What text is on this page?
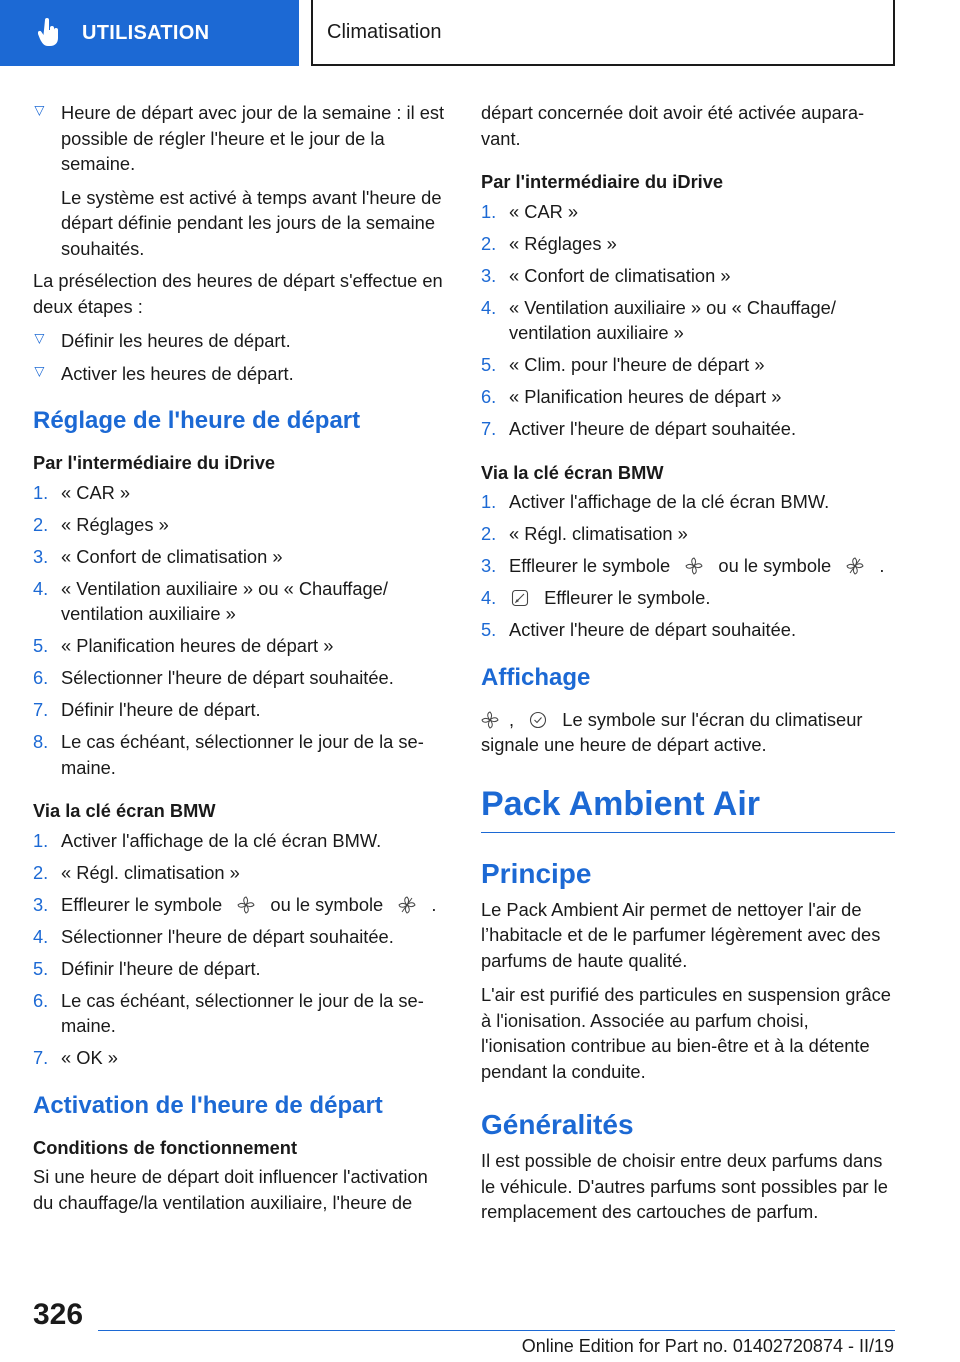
UTILISATION	Climatisation
▷ Heure de départ avec jour de la semaine : il est possible de régler l'heure et le jour de la semaine.
Le système est activé à temps avant l'heure de départ définie pendant les jours de la semaine souhaités.
La présélection des heures de départ s'effectue en deux étapes :
▷ Définir les heures de départ.
▷ Activer les heures de départ.
Réglage de l'heure de départ
Par l'intermédiaire du iDrive
1. « CAR »
2. « Réglages »
3. « Confort de climatisation »
4. « Ventilation auxiliaire » ou « Chauffage/ ventilation auxiliaire »
5. « Planification heures de départ »
6. Sélectionner l'heure de départ souhaitée.
7. Définir l'heure de départ.
8. Le cas échéant, sélectionner le jour de la semaine.
Via la clé écran BMW
1. Activer l'affichage de la clé écran BMW.
2. « Régl. climatisation »
3. Effleurer le symbole	ou le symbole	.
4. Sélectionner l'heure de départ souhaitée.
5. Définir l'heure de départ.
6. Le cas échéant, sélectionner le jour de la semaine.
7. « OK »
Activation de l'heure de départ
Conditions de fonctionnement
Si une heure de départ doit influencer l'activation du chauffage/la ventilation auxiliaire, l'heure de
départ concernée doit avoir été activée auparavant.
Par l'intermédiaire du iDrive
1. « CAR »
2. « Réglages »
3. « Confort de climatisation »
4. « Ventilation auxiliaire » ou « Chauffage/ ventilation auxiliaire »
5. « Clim. pour l'heure de départ »
6. « Planification heures de départ »
7. Activer l'heure de départ souhaitée.
Via la clé écran BMW
1. Activer l'affichage de la clé écran BMW.
2. « Régl. climatisation »
3. Effleurer le symbole	ou le symbole	.
4.	Effleurer le symbole.
5. Activer l'heure de départ souhaitée.
Affichage
,	Le symbole sur l'écran du climatiseur signale une heure de départ active.
Pack Ambient Air
Principe
Le Pack Ambient Air permet de nettoyer l'air de l’habitacle et de le parfumer légèrement avec des parfums de haute qualité.
L'air est purifié des particules en suspension grâce à l'ionisation. Associée au parfum choisi, l'ionisation contribue au bien-être et à la détente pendant la conduite.
Généralités
Il est possible de choisir entre deux parfums dans le véhicule. D'autres parfums sont possibles par le remplacement des cartouches de parfum.
326
Online Edition for Part no. 01402720874 - II/19
